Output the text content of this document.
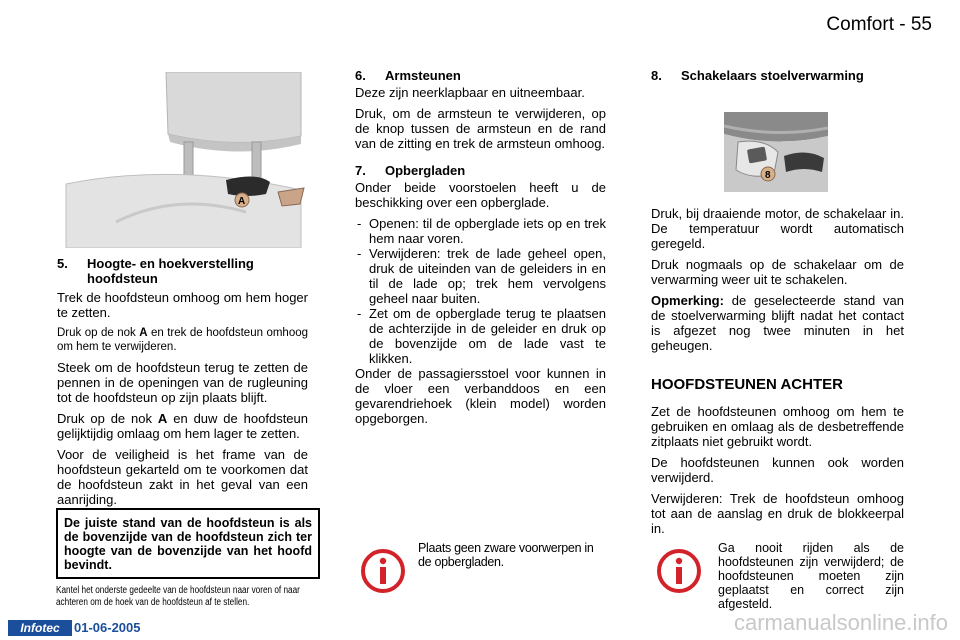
Comfort - 55
A
5.	Hoogte- en hoekverstelling hoofdsteun

Trek de hoofdsteun omhoog om hem hoger te zetten.

Druk op de nok A en trek de hoofdsteun omhoog om hem te verwijderen.

Steek om de hoofdsteun terug te zetten de pennen in de openingen van de rugleuning tot de hoofdsteun op zijn plaats blijft.

Druk op de nok A en duw de hoofdsteun gelijktijdig omlaag om hem lager te zetten.

Voor de veiligheid is het frame van de hoofdsteun gekarteld om te voorkomen dat de hoofdsteun zakt in het geval van een aanrijding.

De juiste stand van de hoofdsteun is als de bovenzijde van de hoofdsteun zich ter hoogte van de bovenzijde van het hoofd bevindt.
Kantel het onderste gedeelte van de hoofdsteun naar voren of naar achteren om de hoek van de hoofdsteun af te stellen.
6.	Armsteunen

Deze zijn neerklapbaar en uitneembaar.

Druk, om de armsteun te verwijderen, op de knop tussen de armsteun en de rand van de zitting en trek de armsteun omhoog.

7.	Opbergladen

Onder beide voorstoelen heeft u de beschikking over een opberglade.

- Openen: til de opberglade iets op en trek hem naar voren.
- Verwijderen: trek de lade geheel open, druk de uiteinden van de geleiders in en til de lade op; trek hem vervolgens geheel naar buiten.
- Zet om de opberglade terug te plaatsen de achterzijde in de geleider en druk op de bovenzijde om de lade vast te klikken.

Onder de passagiersstoel voor kunnen in de vloer een verbanddoos en een gevarendriehoek (klein model) worden opgeborgen.

Plaats geen zware voorwerpen in de opbergladen.
8.	Schakelaars stoelverwarming
8

Druk, bij draaiende motor, de schakelaar in. De temperatuur wordt automatisch geregeld.

Druk nogmaals op de schakelaar om de verwarming weer uit te schakelen.

Opmerking: de geselecteerde stand van de stoelverwarming blijft nadat het contact is afgezet nog twee minuten in het geheugen.

HOOFDSTEUNEN ACHTER

Zet de hoofdsteunen omhoog om hem te gebruiken en omlaag als de desbetreffende zitplaats niet gebruikt wordt.

De hoofdsteunen kunnen ook worden verwijderd.

Verwijderen: Trek de hoofdsteun omhoog tot aan de aanslag en druk de blokkeerpal in.

Ga nooit rijden als de hoofdsteunen zijn verwijderd; de hoofdsteunen moeten zijn geplaatst en correct zijn afgesteld.
Infotec	01-06-2005	carmanualsonline.info
